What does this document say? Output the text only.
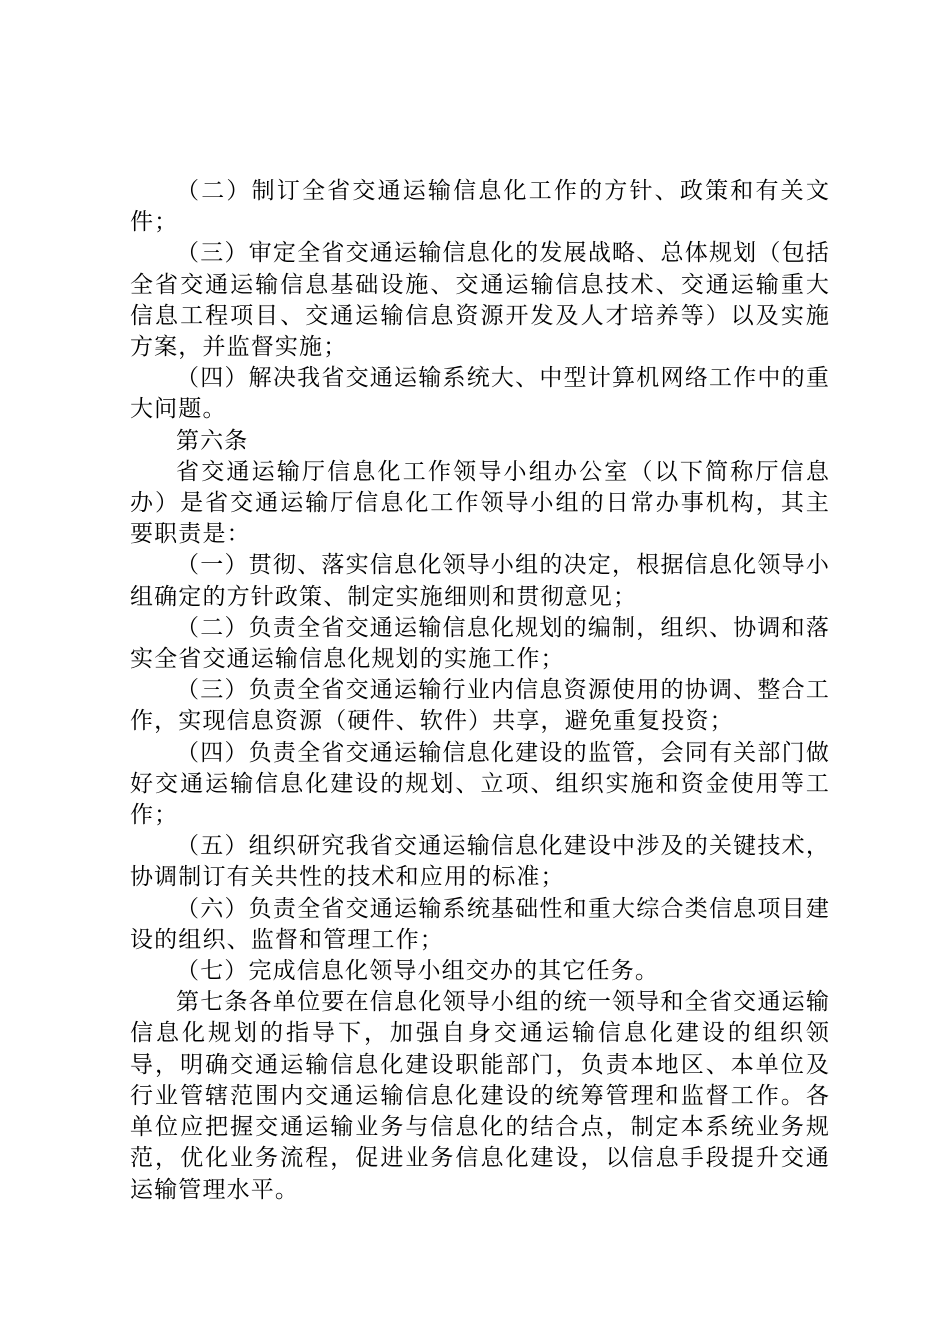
（二）制订全省交通运输信息化工作的方针、政策和有关文件；

（三）审定全省交通运输信息化的发展战略、总体规划（包括全省交通运输信息基础设施、交通运输信息技术、交通运输重大信息工程项目、交通运输信息资源开发及人才培养等）以及实施方案，并监督实施；

（四）解决我省交通运输系统大、中型计算机网络工作中的重大问题。

第六条

省交通运输厅信息化工作领导小组办公室（以下简称厅信息办）是省交通运输厅信息化工作领导小组的日常办事机构，其主要职责是：

（一）贯彻、落实信息化领导小组的决定，根据信息化领导小组确定的方针政策、制定实施细则和贯彻意见；

（二）负责全省交通运输信息化规划的编制，组织、协调和落实全省交通运输信息化规划的实施工作；

（三）负责全省交通运输行业内信息资源使用的协调、整合工作，实现信息资源（硬件、软件）共享，避免重复投资；

（四）负责全省交通运输信息化建设的监管，会同有关部门做好交通运输信息化建设的规划、立项、组织实施和资金使用等工作；

（五）组织研究我省交通运输信息化建设中涉及的关键技术，协调制订有关共性的技术和应用的标准；

（六）负责全省交通运输系统基础性和重大综合类信息项目建设的组织、监督和管理工作；

（七）完成信息化领导小组交办的其它任务。

第七条各单位要在信息化领导小组的统一领导和全省交通运输信息化规划的指导下，加强自身交通运输信息化建设的组织领导，明确交通运输信息化建设职能部门，负责本地区、本单位及行业管辖范围内交通运输信息化建设的统筹管理和监督工作。各单位应把握交通运输业务与信息化的结合点，制定本系统业务规范，优化业务流程，促进业务信息化建设，以信息手段提升交通运输管理水平。
